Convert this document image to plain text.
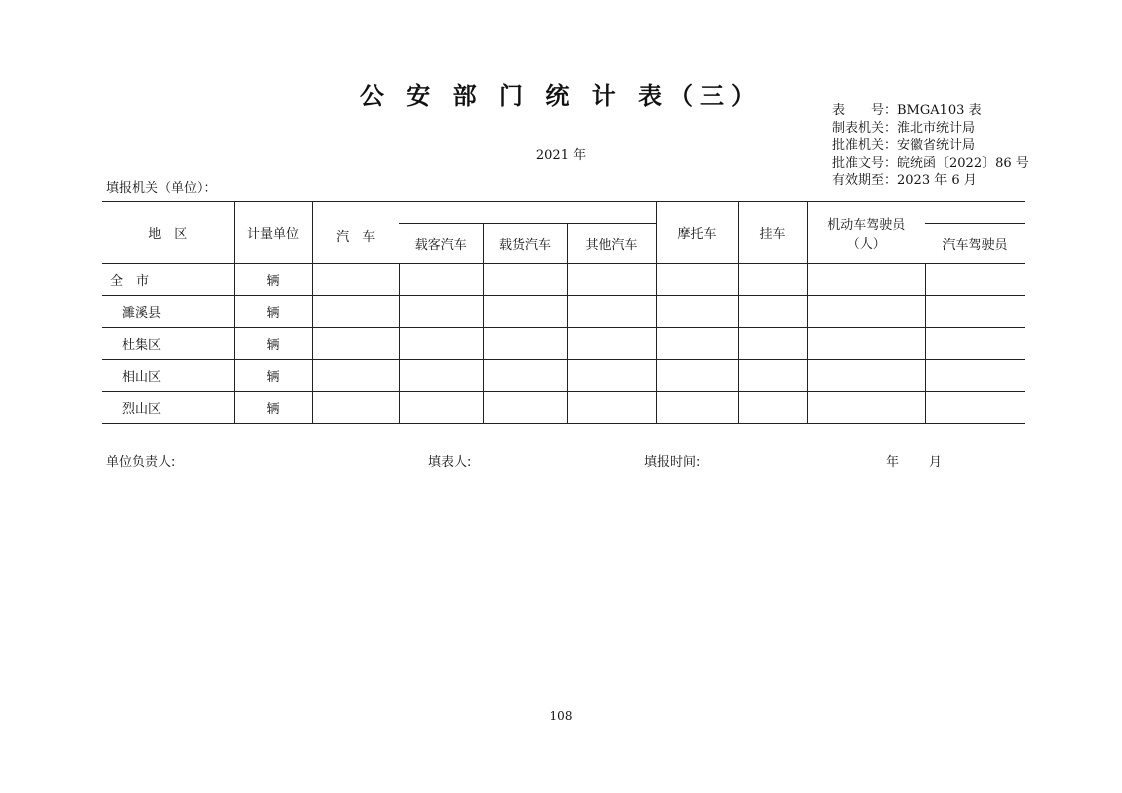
公 安 部 门 统 计 表（三）
表　　号：BMGA103 表
制表机关：淮北市统计局
批准机关：安徽省统计局
批准文号：皖统函〔2022〕86 号
有效期至：2023 年 6 月
2021 年
填报机关（单位）：
地　区	计量单位	汽　车				摩托车	挂车	机动车驾驶员
（人）	

			载客汽车	载货汽车	其他汽车				汽车驾驶员
全　市	辆								
濉溪县	辆								
杜集区	辆								
相山区	辆								
烈山区	辆								
单位负责人:	填表人:	填报时间:	年 月
108
